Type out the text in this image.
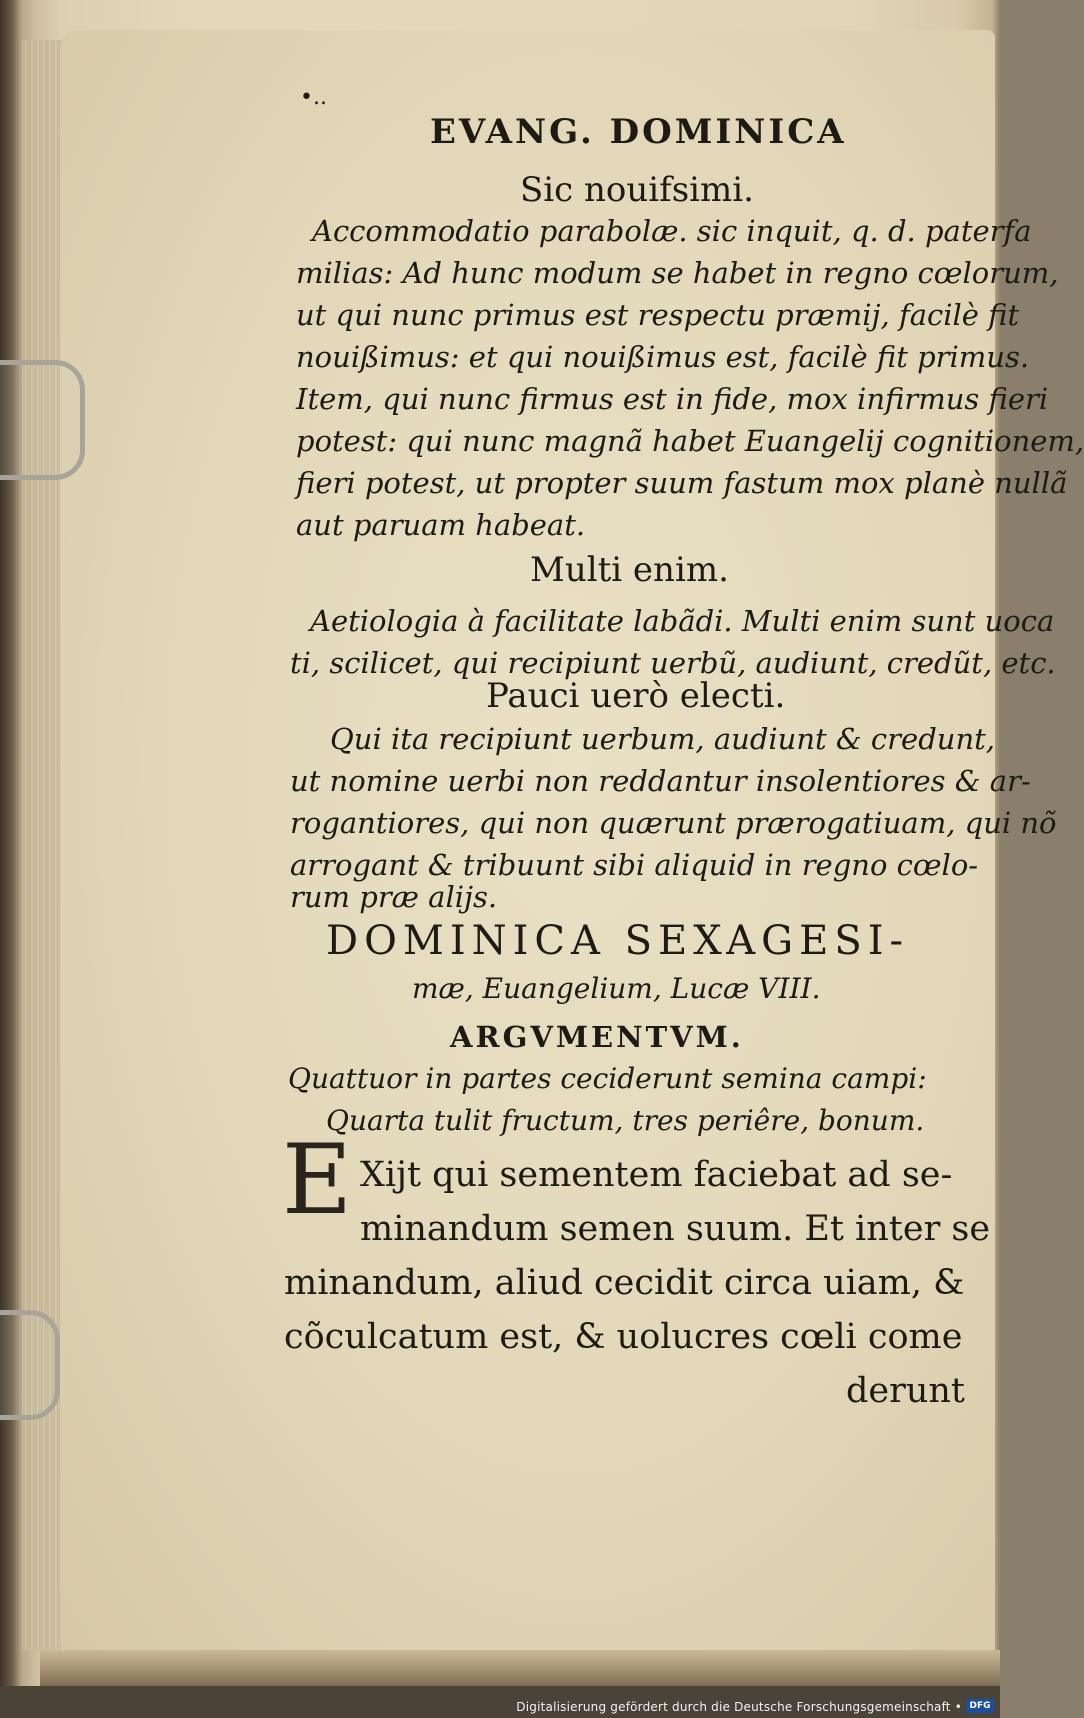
•..
EVANG. DOMINICA
Sic nouifsimi.
Accommodatio parabolæ. sic inquit, q. d. paterfa
milias: Ad hunc modum se habet in regno cœlorum,
ut qui nunc primus est respectu præmij, facilè fit
nouißimus: et qui nouißimus est, facilè fit primus.
Item, qui nunc firmus est in fide, mox infirmus fieri
potest: qui nunc magnã habet Euangelij cognitionem,
fieri potest, ut propter suum fastum mox planè nullã
aut paruam habeat.
Multi enim.
Aetiologia à facilitate labãdi. Multi enim sunt uoca
ti, scilicet, qui recipiunt uerbũ, audiunt, credũt, etc.
Pauci uerò electi.
Qui ita recipiunt uerbum, audiunt & credunt,
ut nomine uerbi non reddantur insolentiores & ar-
rogantiores, qui non quærunt prærogatiuam, qui nõ
arrogant & tribuunt sibi aliquid in regno cœlo-
rum præ alijs.
DOMINICA SEXAGESI-
mæ, Euangelium, Lucæ VIII.
ARGVMENTVM.
Quattuor in partes ceciderunt semina campi:
Quarta tulit fructum, tres periêre, bonum.
E Xijt qui sementem faciebat ad se-
minandum semen suum. Et inter se
minandum, aliud cecidit circa uiam, &
cõculcatum est, & uolucres cœli come
derunt
Digitalisierung gefördert durch die Deutsche Forschungsgemeinschaft • DFG
